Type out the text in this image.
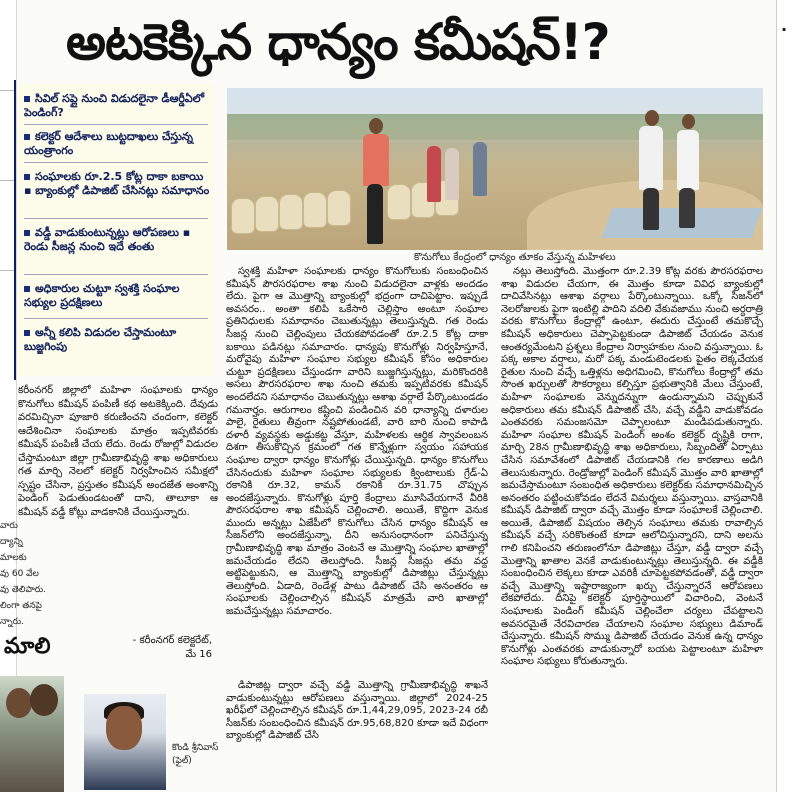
వారు
ద్యాన్ని
మాలకు
వు 60 వేల
వు తెలిపారు.
లింగా తనపై
న్నారు.
మాలి
అటకెక్కిన ధాన్యం కమీషన్!?
సివిల్ సప్లై నుంచి విడుదలైనా డీఆర్డీఏలో పెండింగ్?
కలెక్టర్ ఆదేశాలు బుట్టదాఖలు చేస్తున్న యంత్రాంగం
సంఘాలకు రూ.2.5 కోట్ల దాకా బకాయి ▪ బ్యాంకుల్లో డిపాజిట్ చేసినట్లు సమాధానం
వడ్డీ వాడుకుంటున్నట్లు ఆరోపణలు ▪ రెండు సీజన్ల నుంచి ఇదే తంతు
అధికారుల చుట్టూ స్వశక్తి సంఘాల సభ్యుల ప్రదక్షిణలు
అన్నీ కలిపి విడుదల చేస్తామంటూ బుజ్జగింపు
కొనుగోలు కేంద్రంలో ధాన్యం తూకం వేస్తున్న మహిళలు
కరీంనగర్ జిల్లాలో మహిళా సంఘాలకు ధాన్యం కొనుగోలు కమీషన్ పంపిణీ కథ అటకెక్కింది. దేవుడు వరమిచ్చినా పూజారి కరుణించని చందంగా, కలెక్టర్ ఆదేశించినా సంఘాలకు మాత్రం ఇప్పటివరకు కమీషన్ పంపిణీ చేయ లేదు. రెండు రోజుల్లో విడుదల చేస్తామంటూ జిల్లా గ్రామీణాభివృద్ధి శాఖ అధికారులు గత మార్చి నెలలో కలెక్టర్ నిర్వహించిన సమీక్షలో స్పష్టం చేసినా, ప్రస్తుతం కమీషన్ అందజేత అంశాన్ని పెండింగ్ పెడుతుండటంతో దాని, తాలూకా ఆ కమీషన్ వడ్డీ కోట్లు వాడకానికి చేయిస్తున్నారు.
- కరీంనగర్ కలెక్టరేట్,
మే 16

స్వశక్తి మహిళా సంఘాలకు ధాన్యం కొనుగోలుకు సంబంధించిన కమీషన్ పౌరసరఫరాల శాఖ నుంచి విడుదలైనా వాళ్లకు అందడం లేదు. పైగా ఆ మొత్తాన్ని బ్యాంకుల్లో భద్రంగా దాచిపెట్టాం. ఇప్పుడే అవసరం.. అంతా కలిపి ఒకేసారి చెల్లిస్తాం అంటూ సంఘాల ప్రతినిధులకు సమాధానం చెబుతున్నట్లు తెలుస్తున్నది. గత రెండు సీజన్ల నుంచి చెల్లింపులు చేయకపోవడంతో రూ.2.5 కోట్ల దాకా బకాయి పడినట్లు సమాచారం. ధాన్యపు కొనుగోళ్లు నిర్వహిస్తూనే, మరోవైపు మహిళా సంఘాల సభ్యుల కమీషన్ కోసం అధికారుల చుట్టూ ప్రదక్షిణలు చేస్తుండగా వారిని బుజ్జగిస్తున్నట్లు, మరికొందరికి అసలు పౌరసరఫరాల శాఖ నుంచి తమకు ఇప్పటివరకు కమీషన్ అందలేదని సమాధానం చెబుతున్నట్లు ఆశాఖ వర్గాలే పేర్కొంటుండడం గమనార్హం. ఆరుగాలం కష్టించి పండించిన వరి ధాన్యాన్ని దళారుల పాలై, రైతులు తీవ్రంగా నష్టపోతుండటే, వారి బారి నుంచి కాపాడి దళారీ వ్యవస్థకు అడ్డుకట్ట వేస్తూ, మహిళలకు ఆర్థిక స్వావలంబన దిశగా తీసుకొచ్చిన క్రమంలో గత కొన్నేళ్లుగా స్వయం సహాయక సంఘాల ద్వారా ధాన్యం కొనుగోళ్లు చేయిస్తున్నది. ధాన్యం కొనుగోలు చేసినందుకు మహిళా సంఘాల సభ్యులకు క్వింటాలుకు గ్రేడ్-ఏ రకానికి రూ.32, కామన్ రకానికి రూ.31.75 చొప్పున అందజేస్తున్నారు. కొనుగోళ్లు పూర్తి కేంద్రాలు మూసివేయగానే వీరికి పౌరసరఫరాల శాఖ కమీషన్ చెల్లించాలి. అయితే, కొద్దిగా వెనుక ముందు అన్నట్లు ఏజేపీలో కొనుగోలు చేసిన ధాన్యం కమీషన్ ఆ సీజన్‌లోని అందజేస్తున్నా, దీని అనుసంధానంగా పనిచేస్తున్న గ్రామీణాభివృద్ధి శాఖ మాత్రం వెంటనే ఆ మొత్తాన్ని సంఘాల ఖాతాల్లో జమచేయడం లేదని తెలుస్తోంది. సీజన్ల సీజన్లు తమ వద్ద అట్టిపెట్టుకుని, ఆ మొత్తాన్ని బ్యాంకుల్లో డిపాజిట్లు చేస్తున్నట్లు తెలుస్తోంది. ఏడాది, రెండేళ్ల పాటు డిపాజిట్ చేసి అనంతరం ఆ సంఘాలకు చెల్లించాల్సిన కమీషన్ మాత్రమే వారి ఖాతాల్లో జమచేస్తున్నట్లు సమాచారం.

డిపాజిట్ల ద్వారా వచ్చే వడ్డీ మొత్తాన్ని గ్రామీణాభివృద్ధి శాఖనే వాడుకుంటున్నట్లు ఆరోపణలు వస్తున్నాయి. జిల్లాలో 2024-25 ఖరీఫ్‌లో చెల్లించాల్సిన కమీషన్ రూ.1,44,29,095, 2023-24 రబీ సీజన్‌కు సంబంధించిన కమీషన్ రూ.95,68,820 కూడా ఇదే విధంగా బ్యాంకుల్లో డిపాజిట్ చేసి

నట్లు తెలుస్తోంది. మొత్తంగా రూ.2.39 కోట్ల వరకు పౌరసరఫరాల శాఖ విడుదల చేయగా, ఈ మొత్తం కూడా వివిధ బ్యాంకుల్లో దాచివేసినట్లు ఆశాఖ వర్గాలు పేర్కొంటున్నాయి. ఒక్కో సీజన్‌లో నెలరోజులకు పైగా ఇంటిల్లి పాదిని వదిలి వేకువజాము నుంచి అర్ధరాత్రి వరకు కొనుగోలు కేంద్రాల్లో ఉంటూ, ఈదురు చేస్తుంటే తమకొచ్చే కమీషన్ అధికారులు చెప్పాపెట్టకుండా డిపాజిట్ చేయడం వెనుక ఆంతర్యమేంటని ప్రశ్నలు కేంద్రాల నిర్వాహకుల నుంచి వస్తున్నాయి. ఓ పక్క అకాల వర్షాలు, మరో పక్క మండుటెండలకు పైతం లెక్కచేయక రైతుల నుంచి వచ్చే ఒత్తిళ్లను అధిగమించి, కొనుగోలు కేంద్రాల్లో తమ సొంత ఖర్చులతో సౌకర్యాలు కల్పిస్తూ ప్రభుత్వానికి మేలు చేస్తుంటే, మహిళా సంఘాలకు వెన్నుదన్నుగా ఉండున్నామని చెప్పుకునే అధికారులు తమ కమీషన్ డిపాజిట్ చేసి, వచ్చే వడ్డీని వాడుకోవడం ఎంతవరకు సమంజసమో చెప్పాలంటూ మండిపడుతున్నారు. మహిళా సంఘాల కమీషన్ పెండింగ్ అంశం కలెక్టర్ దృష్టికి రాగా, మార్చి 28న గ్రామీణాభివృద్ధి శాఖ అధికారులు, సిబ్బందితో ఏర్పాటు చేసిన సమావేశంలో డిపాజిట్ చేయడానికి గల కారణాలు అడిగి తెలుసుకున్నారు. రెండ్రోజుల్లో పెండింగ్ కమీషన్ మొత్తం వారి ఖాతాల్లో జమచేస్తామంటూ సంబంధిత అధికారులు కలెక్టర్‌కు సమాధానమిచ్చిన అనంతరం పట్టించుకోవడం లేదనే విమర్శలు వస్తున్నాయి. వాస్తవానికి కమీషన్ డిపాజిట్ ద్వారా వచ్చే మొత్తం కూడా సంఘాలకే చెల్లించాలి. అయితే, డిపాజిట్ విషయం తెల్సిన సంఘాలు తమకు రావాల్సిన కమీషన్ వచ్చే సరికొంతంటే కూడా ఆలోచిస్తున్నారని, దాని అలను గాలి కనిపించని తరుణంలోనూ డిపాజిట్లు చేస్తూ, వడ్డీ ద్వారా వచ్చే మొత్తాన్ని ఖాతాల వెనకే వాడుకుంటున్నట్లు తెలుస్తున్నది. ఈ వడ్డీకి సంబంధించిన లెక్కలు కూడా ఎవరికీ చూపెట్టకపోవడంతో, వడ్డీ ద్వారా వచ్చే మొత్తాన్ని ఇష్టారాజ్యంగా ఖర్చు చేస్తున్నారనే ఆరోపణలు లేకపోలేదు. దీనిపై కలెక్టర్ పూర్తిస్థాయిలో విచారించి, వెంటనే సంఘాలకు పెండింగ్ కమీషన్ చెల్లించేలా చర్యలు చేపట్టాలని అవసరమైతే నేరవిచారణ చేయాలని సంఘాల సభ్యులు డిమాండ్ చేస్తున్నారు. కమీషన్ సొమ్ము డిపాజిట్ చేయడం వెనుక ఉన్న ధాన్యం కొనుగోళ్లు ఎంతవరకు వాడుకున్నారో బయట పెట్టాలంటూ మహిళా సంఘాల సభ్యులు కోరుతున్నారు.

కొండి శ్రీనివాస్
(ఫైల్)
·
